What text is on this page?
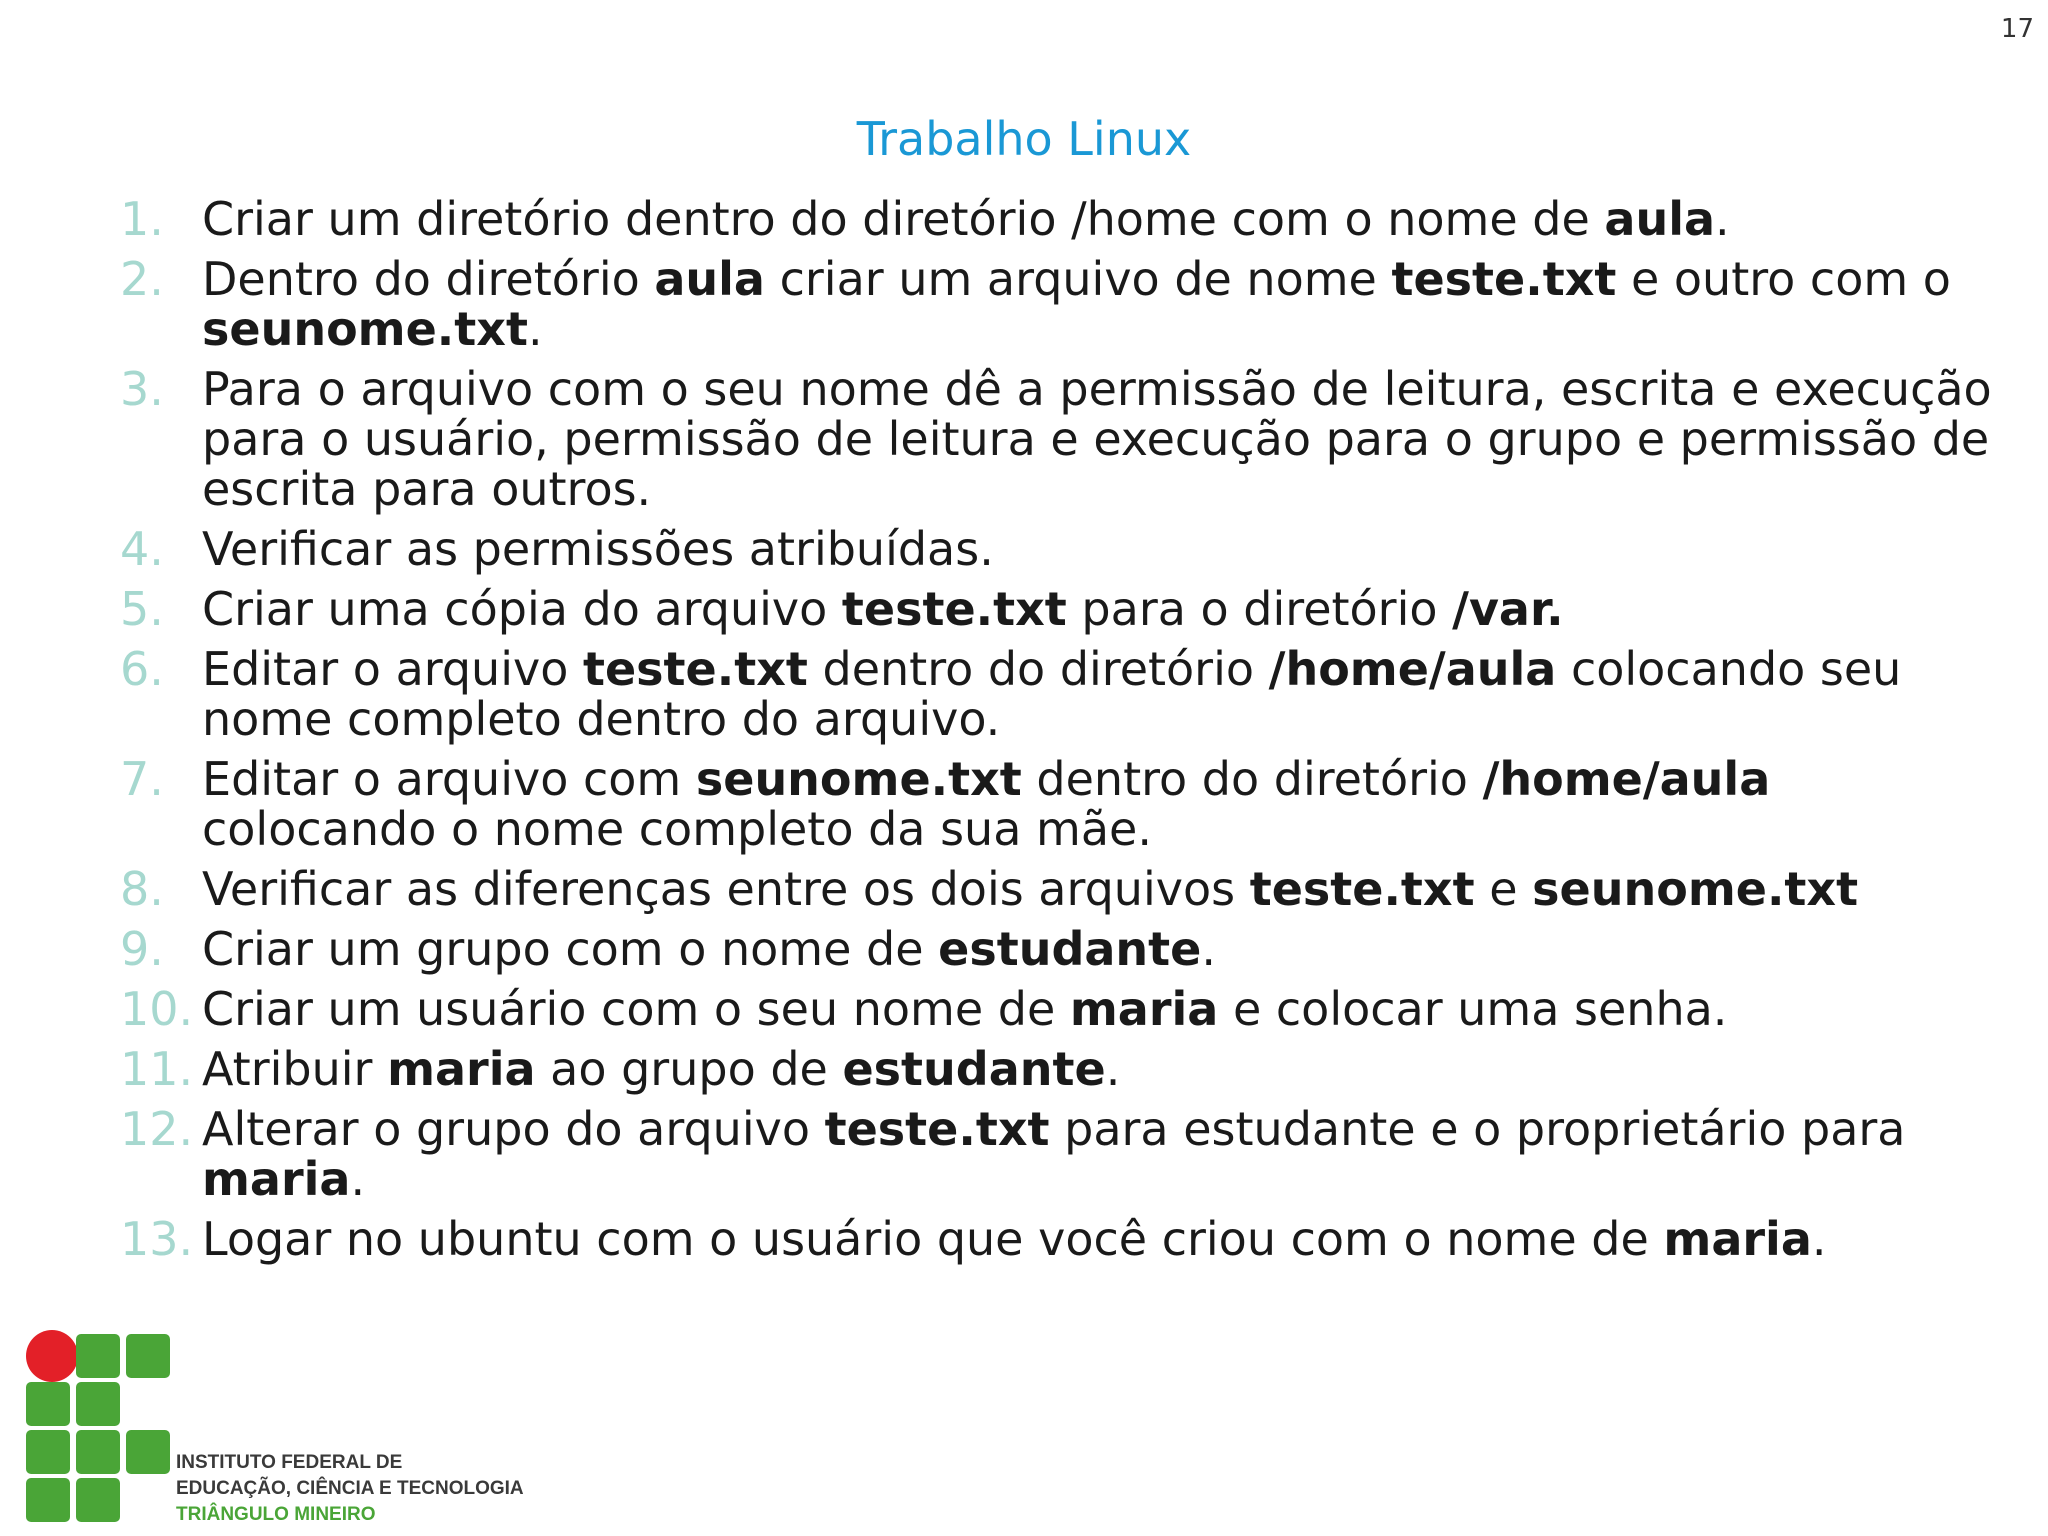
17
Trabalho Linux
1. Criar um diretório dentro do diretório /home com o nome de aula.
2. Dentro do diretório aula criar um arquivo de nome teste.txt e outro com o seunome.txt.
3. Para o arquivo com o seu nome dê a permissão de leitura, escrita e execução para o usuário, permissão de leitura e execução para o grupo e permissão de escrita para outros.
4. Verificar as permissões atribuídas.
5. Criar uma cópia do arquivo teste.txt para o diretório /var.
6. Editar o arquivo teste.txt dentro do diretório /home/aula colocando seu nome completo dentro do arquivo.
7. Editar o arquivo com seunome.txt dentro do diretório /home/aula colocando o nome completo da sua mãe.
8. Verificar as diferenças entre os dois arquivos teste.txt e seunome.txt
9. Criar um grupo com o nome de estudante.
10. Criar um usuário com o seu nome de maria e colocar uma senha.
11. Atribuir maria ao grupo de estudante.
12. Alterar o grupo do arquivo teste.txt para estudante e o proprietário para maria.
13. Logar no ubuntu com o usuário que você criou com o nome de maria.
INSTITUTO FEDERAL DE
EDUCAÇÃO, CIÊNCIA E TECNOLOGIA
TRIÂNGULO MINEIRO
